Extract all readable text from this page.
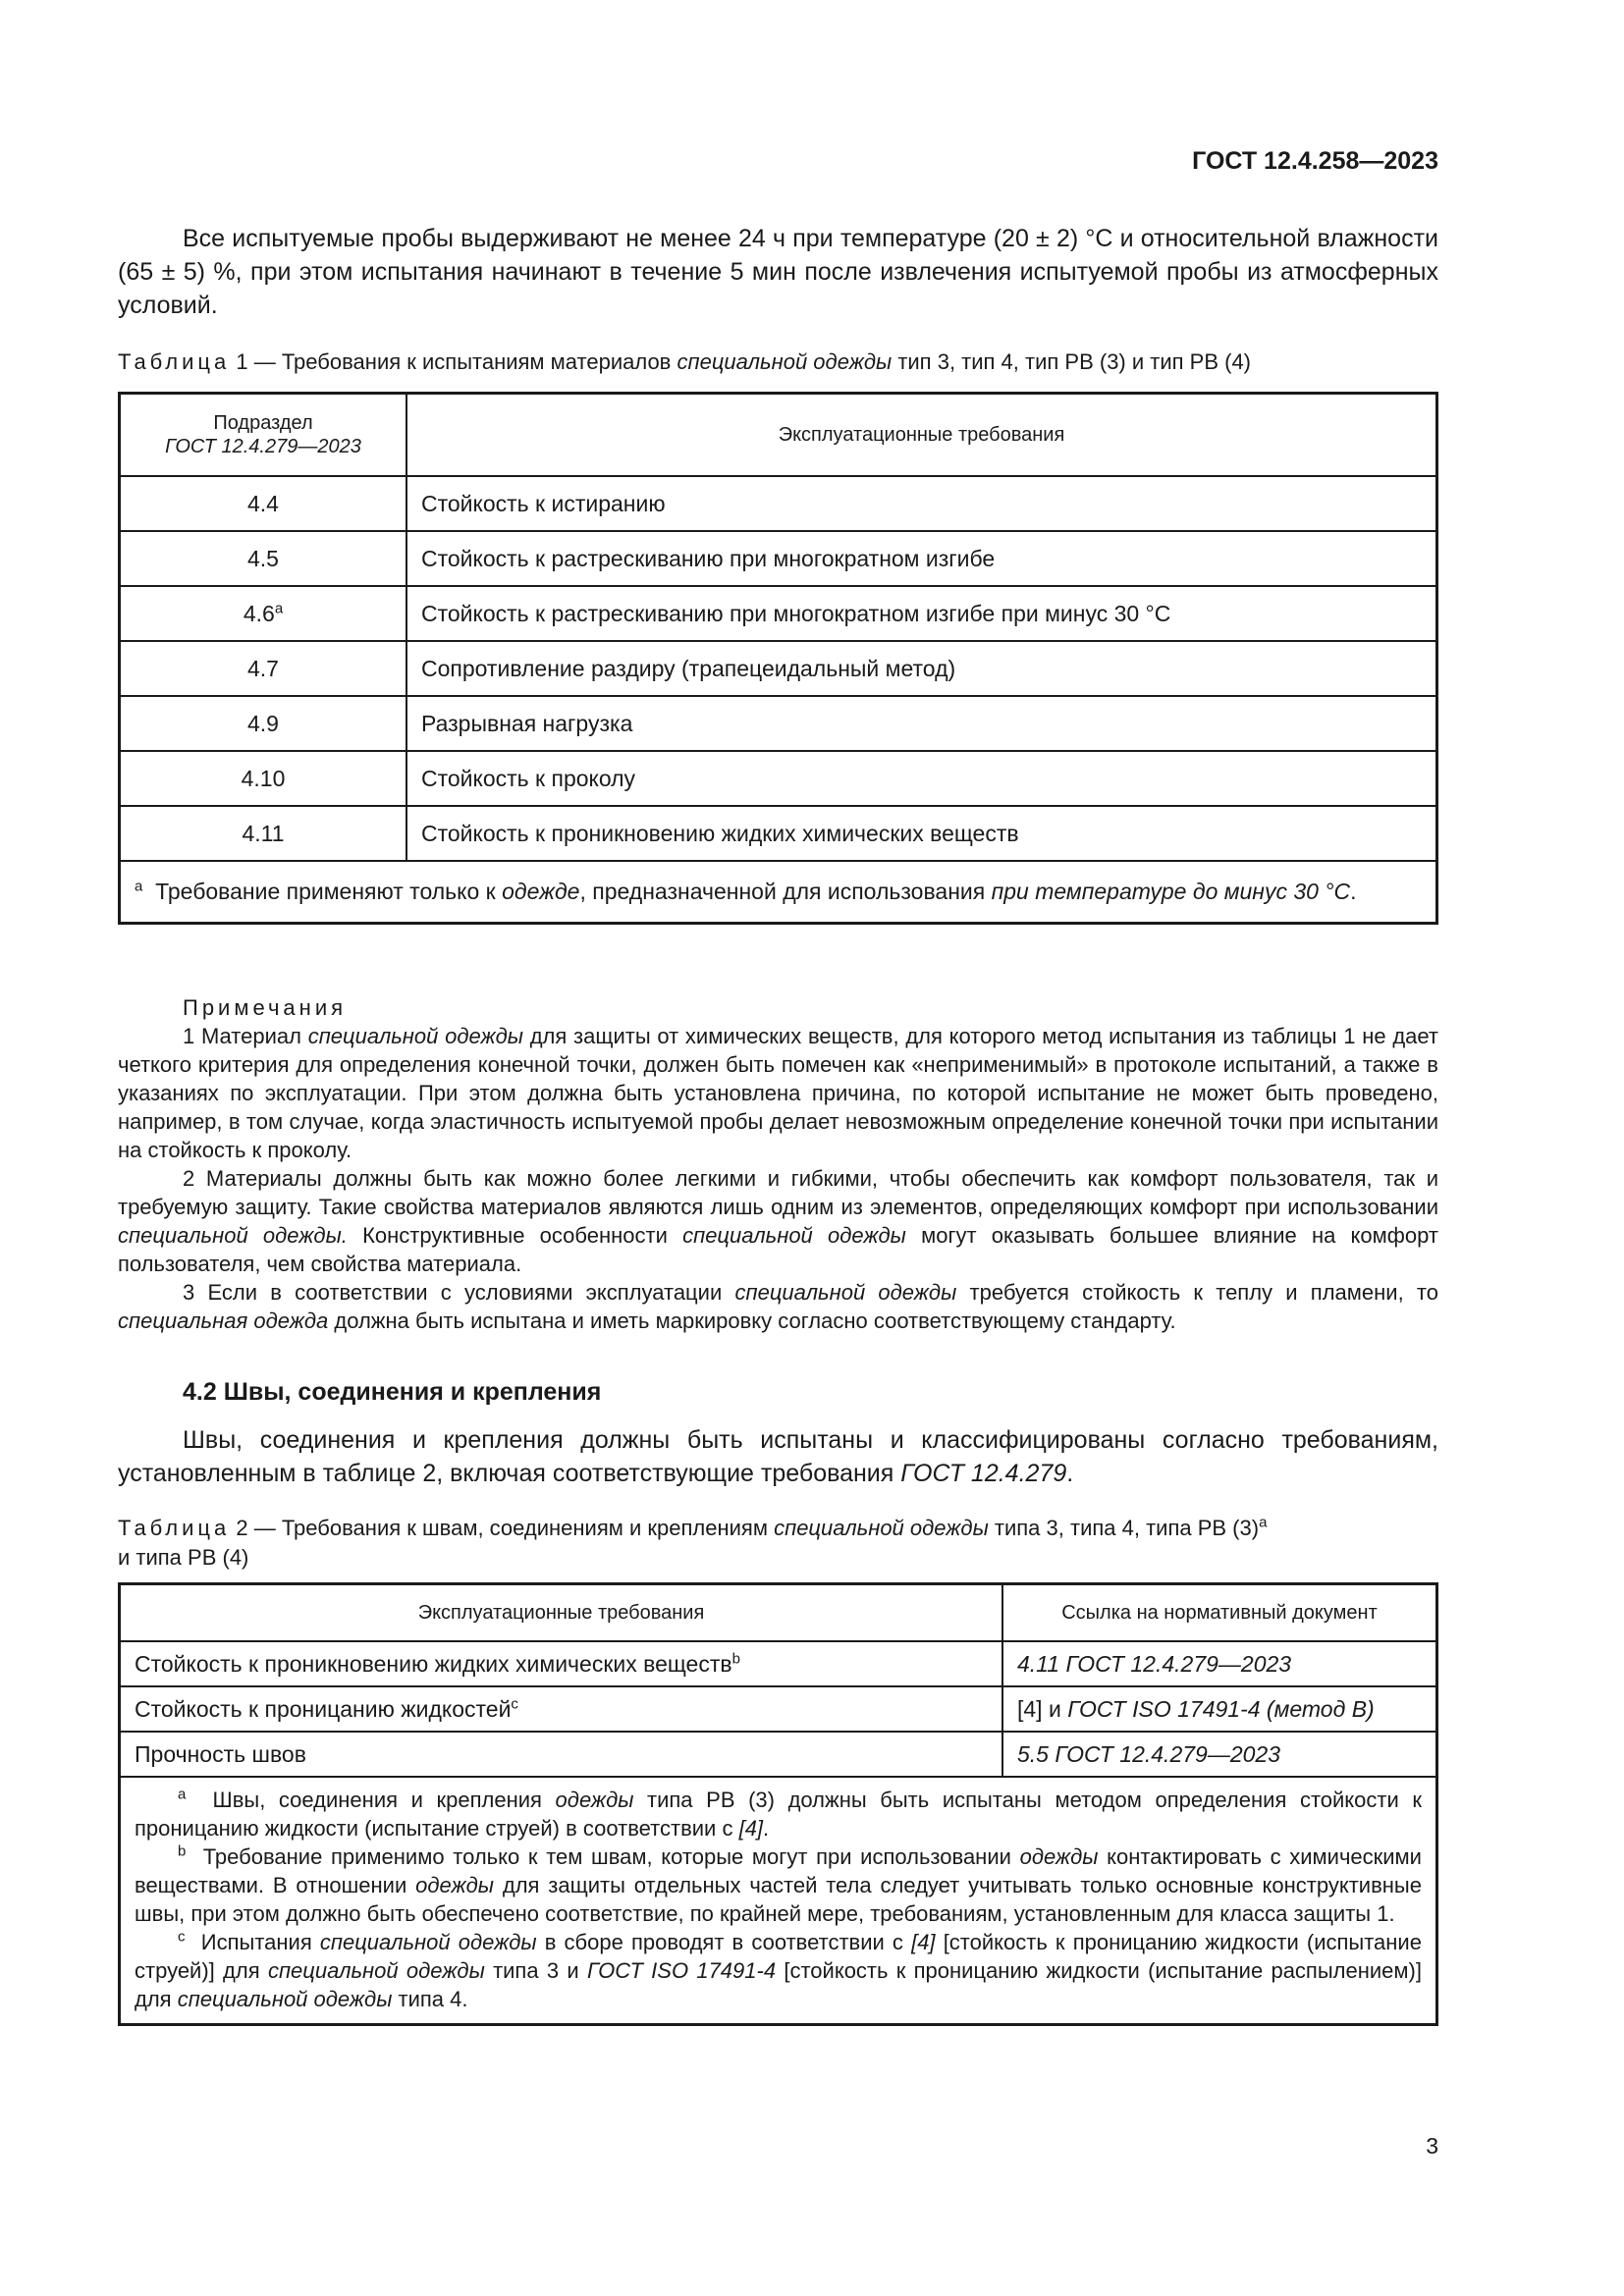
ГОСТ 12.4.258—2023

Все испытуемые пробы выдерживают не менее 24 ч при температуре (20 ± 2) °C и относительной влажности (65 ± 5) %, при этом испытания начинают в течение 5 мин после извлечения испытуемой пробы из атмосферных условий.

Таблица 1 — Требования к испытаниям материалов специальной одежды тип 3, тип 4, тип РВ (3) и тип РВ (4)

Подраздел
ГОСТ 12.4.279—2023	Эксплуатационные требования
4.4	Стойкость к истиранию
4.5	Стойкость к растрескиванию при многократном изгибе
4.6$^a$	Стойкость к растрескиванию при многократном изгибе при минус 30 °C
4.7	Сопротивление раздиру (трапецеидальный метод)
4.9	Разрывная нагрузка
4.10	Стойкость к проколу
4.11	Стойкость к проникновению жидких химических веществ
$^a$ Требование применяют только к одежде, предназначенной для использования при температуре до минус 30 °C.	

Примечания

1 Материал специальной одежды для защиты от химических веществ, для которого метод испытания из таблицы 1 не дает четкого критерия для определения конечной точки, должен быть помечен как «неприменимый» в протоколе испытаний, а также в указаниях по эксплуатации. При этом должна быть установлена причина, по которой испытание не может быть проведено, например, в том случае, когда эластичность испытуемой пробы делает невозможным определение конечной точки при испытании на стойкость к проколу.

2 Материалы должны быть как можно более легкими и гибкими, чтобы обеспечить как комфорт пользователя, так и требуемую защиту. Такие свойства материалов являются лишь одним из элементов, определяющих комфорт при использовании специальной одежды. Конструктивные особенности специальной одежды могут оказывать большее влияние на комфорт пользователя, чем свойства материала.

3 Если в соответствии с условиями эксплуатации специальной одежды требуется стойкость к теплу и пламени, то специальная одежда должна быть испытана и иметь маркировку согласно соответствующему стандарту.

4.2 Швы, соединения и крепления

Швы, соединения и крепления должны быть испытаны и классифицированы согласно требованиям, установленным в таблице 2, включая соответствующие требования ГОСТ 12.4.279.

Таблица 2 — Требования к швам, соединениям и креплениям специальной одежды типа 3, типа 4, типа РВ $(3)^a$
и типа РВ (4)

Эксплуатационные требования	Ссылка на нормативный документ
Стойкость к проникновению жидких химических веществ$^b$	4.11 ГОСТ 12.4.279—2023
Стойкость к проницанию жидкостей$^c$	[4] и ГОСТ ISO 17491-4 (метод В)
Прочность швов	5.5 ГОСТ 12.4.279—2023

$^a$ Швы, соединения и крепления одежды типа РВ (3) должны быть испытаны методом определения стойкости к проницанию жидкости (испытание струей) в соответствии с [4].

$^b$ Требование применимо только к тем швам, которые могут при использовании одежды контактировать с химическими веществами. В отношении одежды для защиты отдельных частей тела следует учитывать только основные конструктивные швы, при этом должно быть обеспечено соответствие, по крайней мере, требованиям, установленным для класса защиты 1.

$^c$ Испытания специальной одежды в сборе проводят в соответствии с [4] [стойкость к проницанию жидкости (испытание струей)] для специальной одежды типа 3 и ГОСТ ISO 17491-4 [стойкость к проницанию жидкости (испытание распылением)] для специальной одежды типа 4.	

3
